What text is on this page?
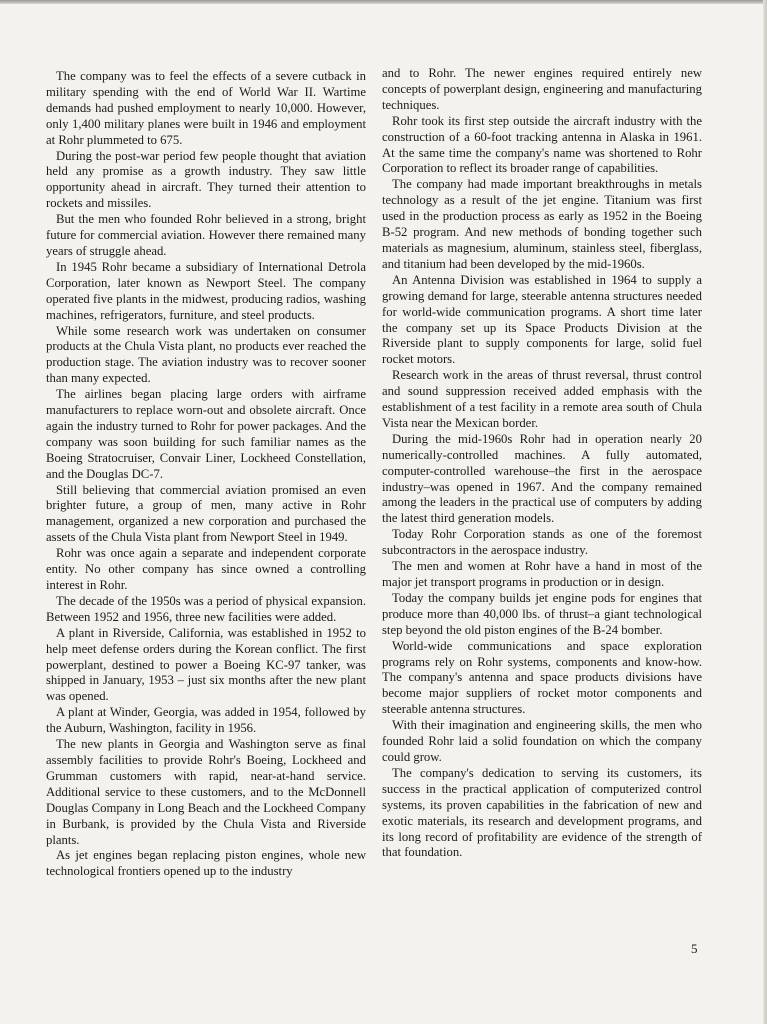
The company was to feel the effects of a severe cutback in military spending with the end of World War II. Wartime demands had pushed employment to nearly 10,000. However, only 1,400 military planes were built in 1946 and employment at Rohr plummeted to 675.

During the post-war period few people thought that aviation held any promise as a growth industry. They saw little opportunity ahead in aircraft. They turned their attention to rockets and missiles.

But the men who founded Rohr believed in a strong, bright future for commercial aviation. However there remained many years of struggle ahead.

In 1945 Rohr became a subsidiary of International Detrola Corporation, later known as Newport Steel. The company operated five plants in the midwest, producing radios, washing machines, refrigerators, furniture, and steel products.

While some research work was undertaken on consumer products at the Chula Vista plant, no products ever reached the production stage. The aviation industry was to recover sooner than many expected.

The airlines began placing large orders with airframe manufacturers to replace worn-out and obsolete aircraft. Once again the industry turned to Rohr for power packages. And the company was soon building for such familiar names as the Boeing Stratocruiser, Convair Liner, Lockheed Constellation, and the Douglas DC-7.

Still believing that commercial aviation promised an even brighter future, a group of men, many active in Rohr management, organized a new corporation and purchased the assets of the Chula Vista plant from Newport Steel in 1949.

Rohr was once again a separate and independent corporate entity. No other company has since owned a controlling interest in Rohr.

The decade of the 1950s was a period of physical expansion. Between 1952 and 1956, three new facilities were added.

A plant in Riverside, California, was established in 1952 to help meet defense orders during the Korean conflict. The first powerplant, destined to power a Boeing KC-97 tanker, was shipped in January, 1953 – just six months after the new plant was opened.

A plant at Winder, Georgia, was added in 1954, followed by the Auburn, Washington, facility in 1956.

The new plants in Georgia and Washington serve as final assembly facilities to provide Rohr's Boeing, Lockheed and Grumman customers with rapid, near-at-hand service. Additional service to these customers, and to the McDonnell Douglas Company in Long Beach and the Lockheed Company in Burbank, is provided by the Chula Vista and Riverside plants.

As jet engines began replacing piston engines, whole new technological frontiers opened up to the industry

and to Rohr. The newer engines required entirely new concepts of powerplant design, engineering and manufacturing techniques.

Rohr took its first step outside the aircraft industry with the construction of a 60-foot tracking antenna in Alaska in 1961. At the same time the company's name was shortened to Rohr Corporation to reflect its broader range of capabilities.

The company had made important breakthroughs in metals technology as a result of the jet engine. Titanium was first used in the production process as early as 1952 in the Boeing B-52 program. And new methods of bonding together such materials as magnesium, aluminum, stainless steel, fiberglass, and titanium had been developed by the mid-1960s.

An Antenna Division was established in 1964 to supply a growing demand for large, steerable antenna structures needed for world-wide communication programs. A short time later the company set up its Space Products Division at the Riverside plant to supply components for large, solid fuel rocket motors.

Research work in the areas of thrust reversal, thrust control and sound suppression received added emphasis with the establishment of a test facility in a remote area south of Chula Vista near the Mexican border.

During the mid-1960s Rohr had in operation nearly 20 numerically-controlled machines. A fully automated, computer-controlled warehouse–the first in the aerospace industry–was opened in 1967. And the company remained among the leaders in the practical use of computers by adding the latest third generation models.

Today Rohr Corporation stands as one of the foremost subcontractors in the aerospace industry.

The men and women at Rohr have a hand in most of the major jet transport programs in production or in design.

Today the company builds jet engine pods for engines that produce more than 40,000 lbs. of thrust–a giant technological step beyond the old piston engines of the B-24 bomber.

World-wide communications and space exploration programs rely on Rohr systems, components and know-how. The company's antenna and space products divisions have become major suppliers of rocket motor components and steerable antenna structures.

With their imagination and engineering skills, the men who founded Rohr laid a solid foundation on which the company could grow.

The company's dedication to serving its customers, its success in the practical application of computerized control systems, its proven capabilities in the fabrication of new and exotic materials, its research and development programs, and its long record of profitability are evidence of the strength of that foundation.

5
